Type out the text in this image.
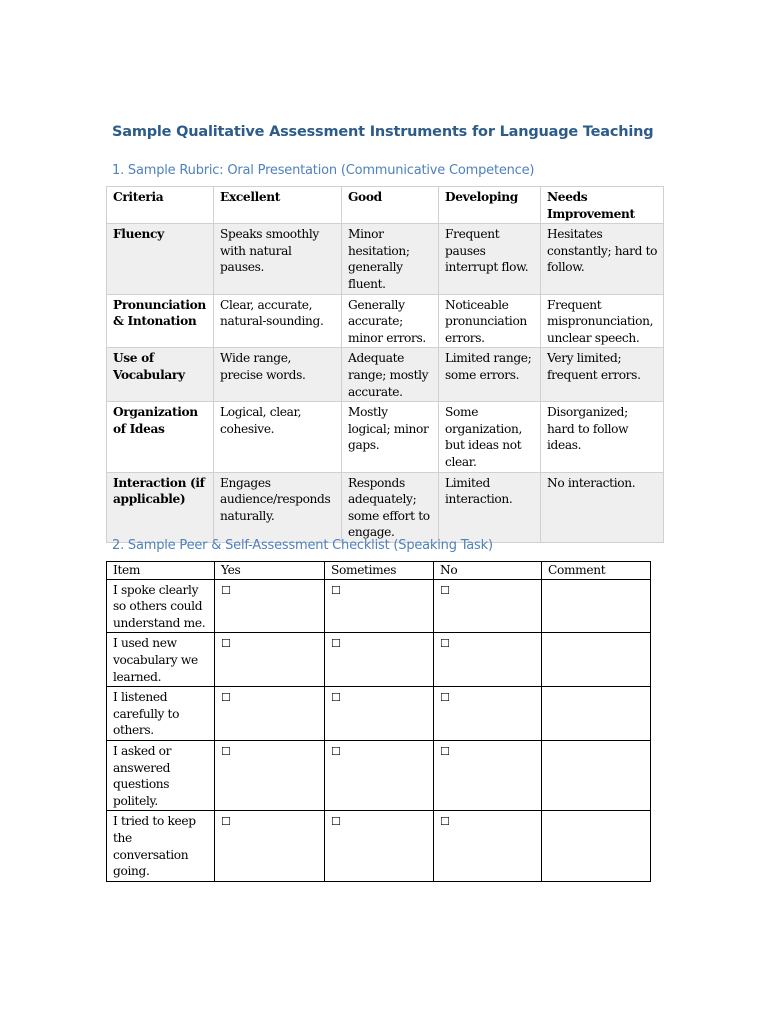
Sample Qualitative Assessment Instruments for Language Teaching
1. Sample Rubric: Oral Presentation (Communicative Competence)
Criteria	Excellent	Good	Developing	Needs Improvement
Fluency	Speaks smoothly with natural pauses.	Minor hesitation; generally fluent.	Frequent pauses interrupt flow.	Hesitates constantly; hard to follow.
Pronunciation & Intonation	Clear, accurate, natural-sounding.	Generally accurate; minor errors.	Noticeable pronunciation errors.	Frequent mispronunciation, unclear speech.
Use of Vocabulary	Wide range, precise words.	Adequate range; mostly accurate.	Limited range; some errors.	Very limited; frequent errors.
Organization of Ideas	Logical, clear, cohesive.	Mostly logical; minor gaps.	Some organization, but ideas not clear.	Disorganized; hard to follow ideas.
Interaction (if applicable)	Engages audience/responds naturally.	Responds adequately; some effort to engage.	Limited interaction.	No interaction.
2. Sample Peer & Self-Assessment Checklist (Speaking Task)
Item	Yes	Sometimes	No	Comment
I spoke clearly so others could understand me.	☐	☐	☐	
I used new vocabulary we learned.	☐	☐	☐	
I listened carefully to others.	☐	☐	☐	
I asked or answered questions politely.	☐	☐	☐	
I tried to keep the conversation going.	☐	☐	☐	
